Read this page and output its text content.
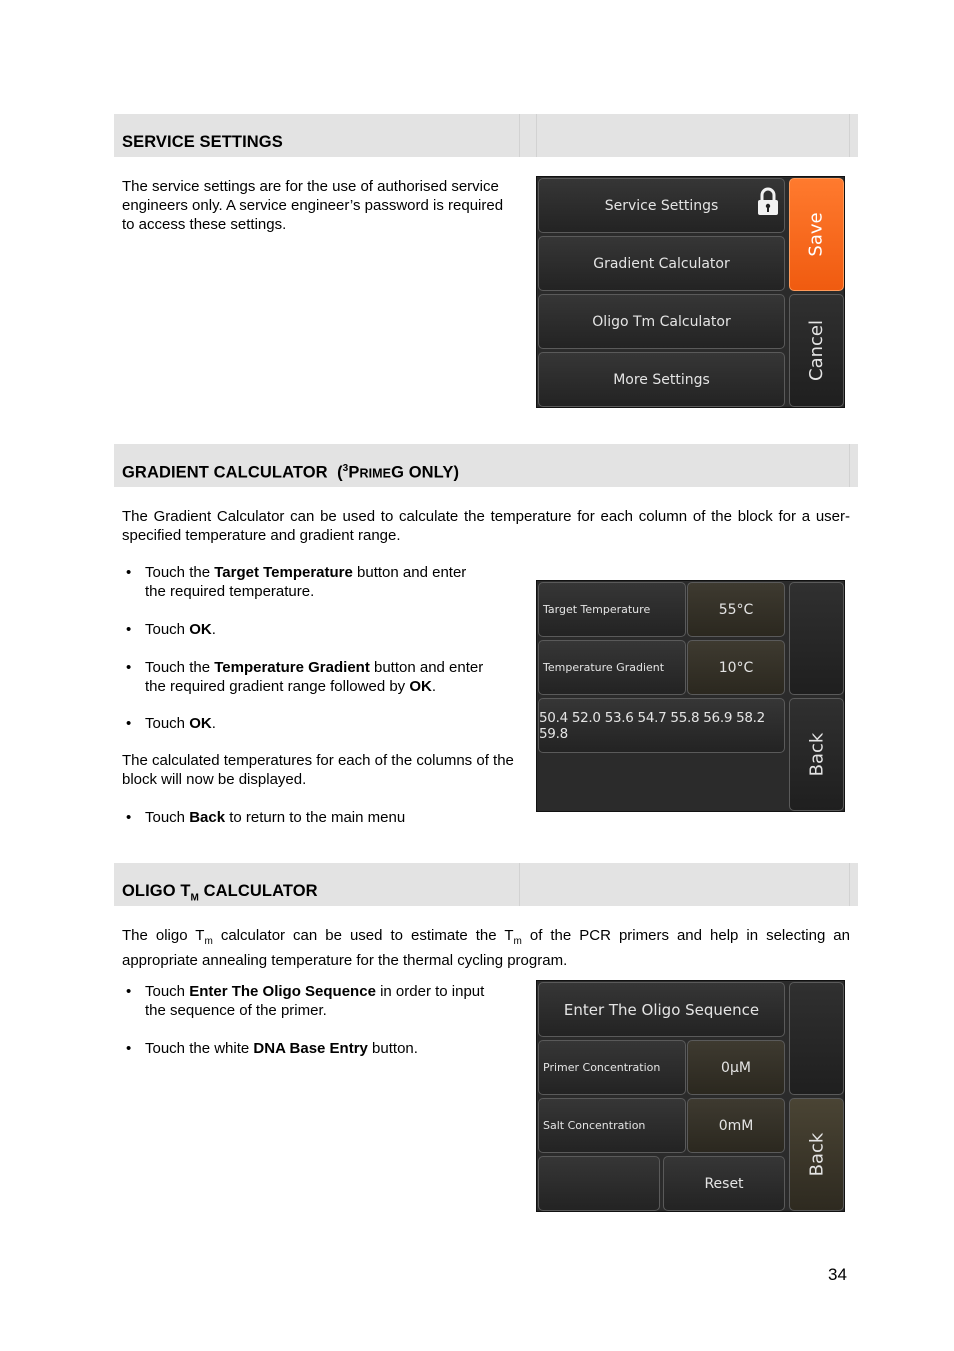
SERVICE SETTINGS
The service settings are for the use of authorised service engineers only. A service engineer’s password is required to access these settings.
Service Settings
Gradient Calculator
Oligo Tm Calculator
More Settings
Save
Cancel
GRADIENT CALCULATOR  ($^3$PRIMEG ONLY)
The Gradient Calculator can be used to calculate the temperature for each column of the block for a user-specified temperature and gradient range.
• Touch the Target Temperature button and enter
the required temperature.
• Touch OK.
• Touch the Temperature Gradient button and enter
the required gradient range followed by OK.
• Touch OK.
The calculated temperatures for each of the columns of the block will now be displayed.
• Touch Back to return to the main menu
Target Temperature	55°C
Temperature Gradient	10°C
50.4 52.0 53.6 54.7 55.8 56.9 58.2 59.8	Back
OLIGO $T_M$ CALCULATOR
The oligo $T_m$ calculator can be used to estimate the $T_m$ of the PCR primers and help in selecting an appropriate annealing temperature for the thermal cycling program.
• Touch Enter The Oligo Sequence in order to input
the sequence of the primer.
• Touch the white DNA Base Entry button.
Enter The Oligo Sequence
Primer Concentration	0µM
Salt Concentration	0mM
Reset
Back
34
